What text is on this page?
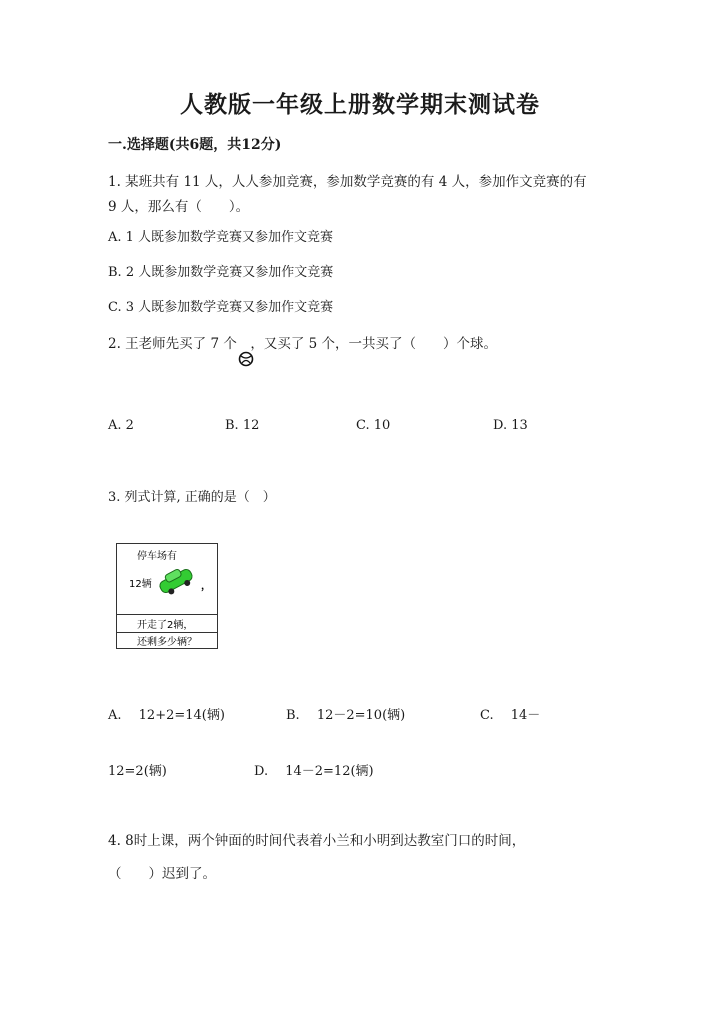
人教版一年级上册数学期末测试卷
一.选择题(共6题，共12分)
1. 某班共有 11 人，人人参加竞赛，参加数学竞赛的有 4 人，参加作文竞赛的有
9 人，那么有（　　）。
A. 1 人既参加数学竞赛又参加作文竞赛
B. 2 人既参加数学竞赛又参加作文竞赛
C. 3 人既参加数学竞赛又参加作文竞赛
2. 王老师先买了 7 个　，又买了 5 个，一共买了（　　）个球。
A. 2	B. 12	C. 10	D. 13
3. 列式计算, 正确的是（　）
停车场有
12辆	，
开走了2辆，
还剩多少辆？
A.　 12+2=14(辆)	B.　 12－2=10(辆)	C.　 14－
12=2(辆)	D.　 14－2=12(辆)
4. 8时上课，两个钟面的时间代表着小兰和小明到达教室门口的时间，
（　　）迟到了。
